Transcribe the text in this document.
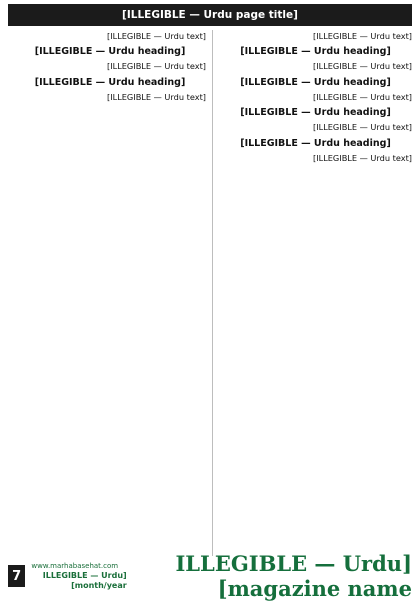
[ILLEGIBLE — Urdu page title]

[ILLEGIBLE — Urdu text]

[ILLEGIBLE — Urdu heading]

[ILLEGIBLE — Urdu text]

[ILLEGIBLE — Urdu heading]

[ILLEGIBLE — Urdu text]

[ILLEGIBLE — Urdu heading]

[ILLEGIBLE — Urdu text]

[ILLEGIBLE — Urdu heading]

[ILLEGIBLE — Urdu text]

[ILLEGIBLE — Urdu text]

[ILLEGIBLE — Urdu heading]

[ILLEGIBLE — Urdu text]

[ILLEGIBLE — Urdu heading]

[ILLEGIBLE — Urdu text]

7
www.marhabasehat.com
[ILLEGIBLE — Urdu month/year]
[ILLEGIBLE — Urdu magazine name]
